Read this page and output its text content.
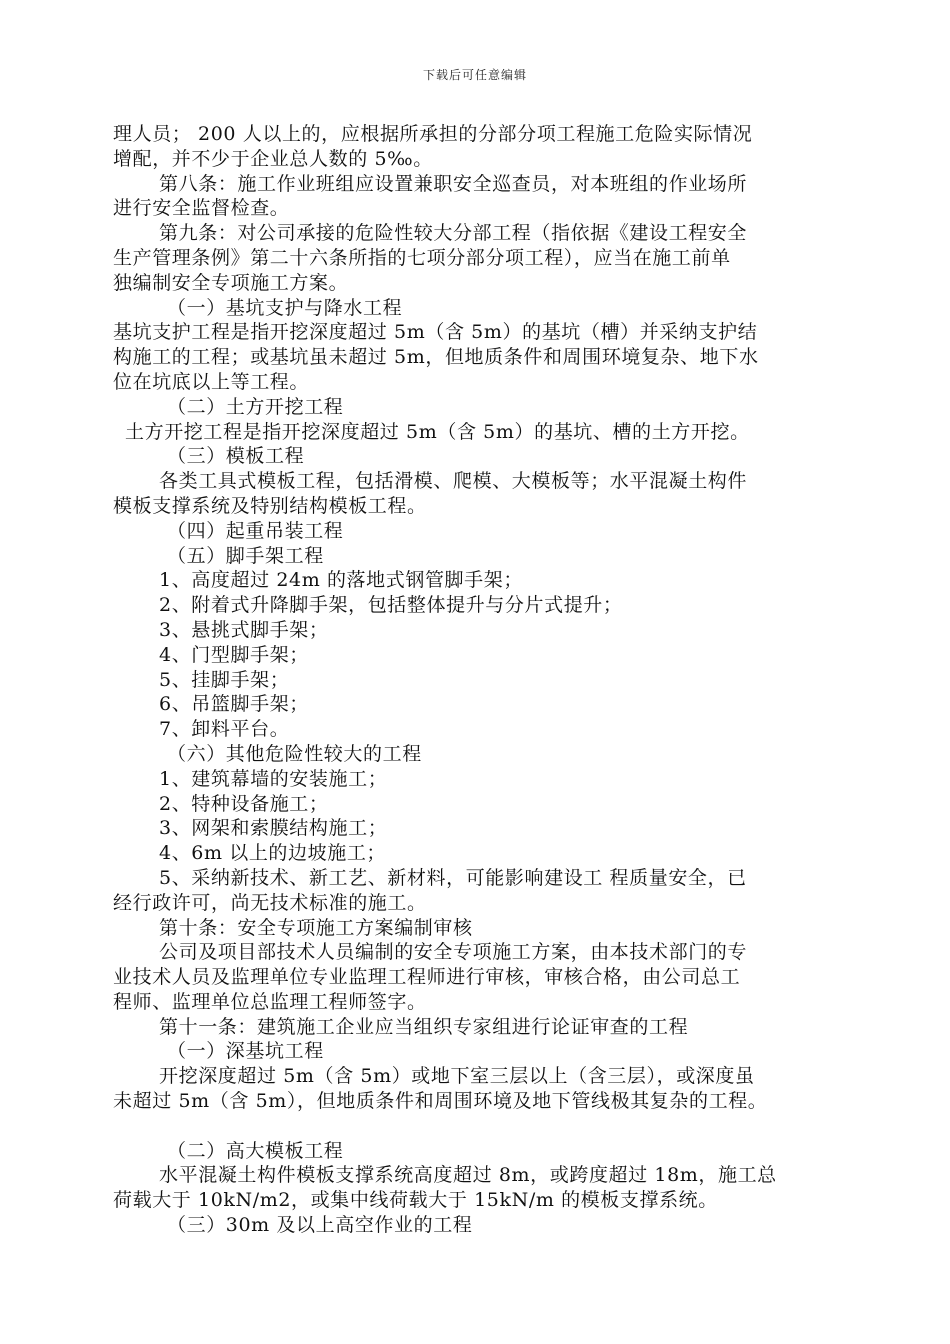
下载后可任意编辑
理人员； 200 人以上的，应根据所承担的分部分项工程施工危险实际情况
增配，并不少于企业总人数的 5‰。
第八条：施工作业班组应设置兼职安全巡查员，对本班组的作业场所
进行安全监督检查。
第九条：对公司承接的危险性较大分部工程（指依据《建设工程安全
生产管理条例》第二十六条所指的七项分部分项工程），应当在施工前单
独编制安全专项施工方案。
（一）基坑支护与降水工程
基坑支护工程是指开挖深度超过 5m（含 5m）的基坑（槽）并采纳支护结
构施工的工程；或基坑虽未超过 5m，但地质条件和周围环境复杂、地下水
位在坑底以上等工程。
（二）土方开挖工程
土方开挖工程是指开挖深度超过 5m（含 5m）的基坑、槽的土方开挖。
（三）模板工程
各类工具式模板工程，包括滑模、爬模、大模板等；水平混凝土构件
模板支撑系统及特别结构模板工程。
（四）起重吊装工程
（五）脚手架工程
1、高度超过 24m 的落地式钢管脚手架；
2、附着式升降脚手架，包括整体提升与分片式提升；
3、悬挑式脚手架；
4、门型脚手架；
5、挂脚手架；
6、吊篮脚手架；
7、卸料平台。
（六）其他危险性较大的工程
1、建筑幕墙的安装施工；
2、特种设备施工；
3、网架和索膜结构施工；
4、6m 以上的边坡施工；
5、采纳新技术、新工艺、新材料，可能影响建设工 程质量安全，已
经行政许可，尚无技术标准的施工。
第十条：安全专项施工方案编制审核
公司及项目部技术人员编制的安全专项施工方案，由本技术部门的专
业技术人员及监理单位专业监理工程师进行审核，审核合格，由公司总工
程师、监理单位总监理工程师签字。
第十一条：建筑施工企业应当组织专家组进行论证审查的工程
（一）深基坑工程
开挖深度超过 5m（含 5m）或地下室三层以上（含三层），或深度虽
未超过 5m（含 5m），但地质条件和周围环境及地下管线极其复杂的工程。
（二）高大模板工程
水平混凝土构件模板支撑系统高度超过 8m，或跨度超过 18m，施工总
荷载大于 10kN/m2，或集中线荷载大于 15kN/m 的模板支撑系统。
（三）30m 及以上高空作业的工程
